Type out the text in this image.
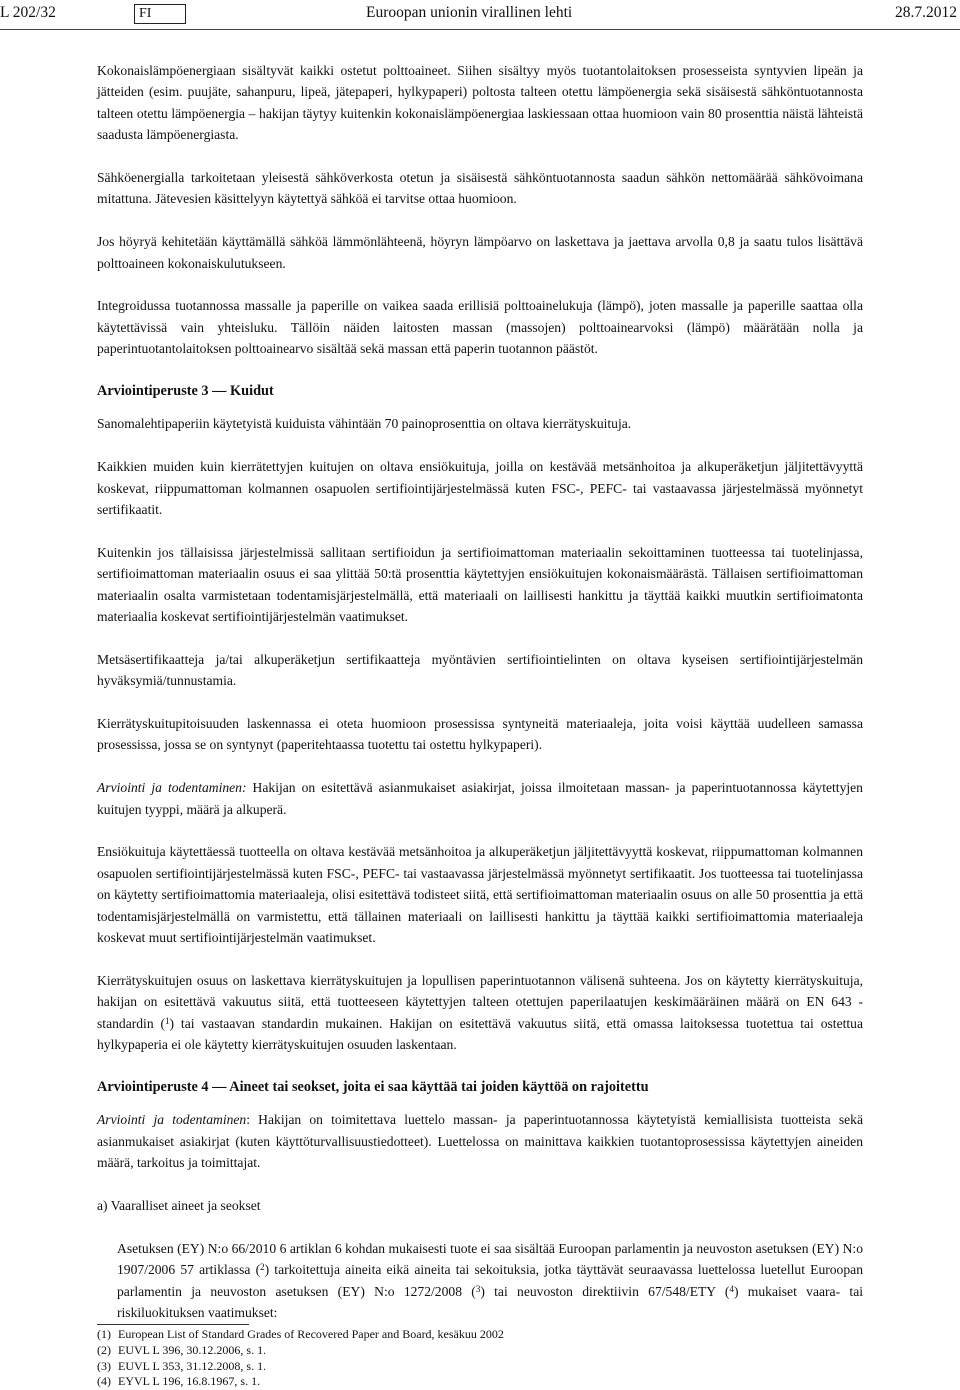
L 202/32	FI	Euroopan unionin virallinen lehti	28.7.2012

Kokonaislämpöenergiaan sisältyvät kaikki ostetut polttoaineet. Siihen sisältyy myös tuotantolaitoksen prosesseista syntyvien lipeän ja jätteiden (esim. puujäte, sahanpuru, lipeä, jätepaperi, hylkypaperi) poltosta talteen otettu lämpöenergia sekä sisäisestä sähköntuotannosta talteen otettu lämpöenergia – hakijan täytyy kuitenkin kokonaislämpöenergiaa laskiessaan ottaa huomioon vain 80 prosenttia näistä lähteistä saadusta lämpöenergiasta.

Sähköenergialla tarkoitetaan yleisestä sähköverkosta otetun ja sisäisestä sähköntuotannosta saadun sähkön nettomäärää sähkövoimana mitattuna. Jätevesien käsittelyyn käytettyä sähköä ei tarvitse ottaa huomioon.

Jos höyryä kehitetään käyttämällä sähköä lämmönlähteenä, höyryn lämpöarvo on laskettava ja jaettava arvolla 0,8 ja saatu tulos lisättävä polttoaineen kokonaiskulutukseen.

Integroidussa tuotannossa massalle ja paperille on vaikea saada erillisiä polttoainelukuja (lämpö), joten massalle ja paperille saattaa olla käytettävissä vain yhteisluku. Tällöin näiden laitosten massan (massojen) polttoainearvoksi (lämpö) määrätään nolla ja paperintuotantolaitoksen polttoainearvo sisältää sekä massan että paperin tuotannon päästöt.

Arviointiperuste 3 — Kuidut

Sanomalehtipaperiin käytetyistä kuiduista vähintään 70 painoprosenttia on oltava kierrätyskuituja.

Kaikkien muiden kuin kierrätettyjen kuitujen on oltava ensiökuituja, joilla on kestävää metsänhoitoa ja alkuperäketjun jäljitettävyyttä koskevat, riippumattoman kolmannen osapuolen sertifiointijärjestelmässä kuten FSC-, PEFC- tai vastaavassa järjestelmässä myönnetyt sertifikaatit.

Kuitenkin jos tällaisissa järjestelmissä sallitaan sertifioidun ja sertifioimattoman materiaalin sekoittaminen tuotteessa tai tuotelinjassa, sertifioimattoman materiaalin osuus ei saa ylittää 50:tä prosenttia käytettyjen ensiökuitujen kokonaismäärästä. Tällaisen sertifioimattoman materiaalin osalta varmistetaan todentamisjärjestelmällä, että materiaali on laillisesti hankittu ja täyttää kaikki muutkin sertifioimatonta materiaalia koskevat sertifiointijärjestelmän vaatimukset.

Metsäsertifikaatteja ja/tai alkuperäketjun sertifikaatteja myöntävien sertifiointielinten on oltava kyseisen sertifiointijärjestelmän hyväksymiä/tunnustamia.

Kierrätyskuitupitoisuuden laskennassa ei oteta huomioon prosessissa syntyneitä materiaaleja, joita voisi käyttää uudelleen samassa prosessissa, jossa se on syntynyt (paperitehtaassa tuotettu tai ostettu hylkypaperi).

Arviointi ja todentaminen: Hakijan on esitettävä asianmukaiset asiakirjat, joissa ilmoitetaan massan- ja paperintuotannossa käytettyjen kuitujen tyyppi, määrä ja alkuperä.

Ensiökuituja käytettäessä tuotteella on oltava kestävää metsänhoitoa ja alkuperäketjun jäljitettävyyttä koskevat, riippumattoman kolmannen osapuolen sertifiointijärjestelmässä kuten FSC-, PEFC- tai vastaavassa järjestelmässä myönnetyt sertifikaatit. Jos tuotteessa tai tuotelinjassa on käytetty sertifioimattomia materiaaleja, olisi esitettävä todisteet siitä, että sertifioimattoman materiaalin osuus on alle 50 prosenttia ja että todentamisjärjestelmällä on varmistettu, että tällainen materiaali on laillisesti hankittu ja täyttää kaikki sertifioimattomia materiaaleja koskevat muut sertifiointijärjestelmän vaatimukset.

Kierrätyskuitujen osuus on laskettava kierrätyskuitujen ja lopullisen paperintuotannon välisenä suhteena. Jos on käytetty kierrätyskuituja, hakijan on esitettävä vakuutus siitä, että tuotteeseen käytettyjen talteen otettujen paperilaatujen keskimääräinen määrä on EN 643 -standardin ($^1$) tai vastaavan standardin mukainen. Hakijan on esitettävä vakuutus siitä, että omassa laitoksessa tuotettua tai ostettua hylkypaperia ei ole käytetty kierrätyskuitujen osuuden laskentaan.

Arviointiperuste 4 — Aineet tai seokset, joita ei saa käyttää tai joiden käyttöä on rajoitettu

Arviointi ja todentaminen: Hakijan on toimitettava luettelo massan- ja paperintuotannossa käytetyistä kemiallisista tuotteista sekä asianmukaiset asiakirjat (kuten käyttöturvallisuustiedotteet). Luettelossa on mainittava kaikkien tuotantoprosessissa käytettyjen aineiden määrä, tarkoitus ja toimittajat.

a) Vaaralliset aineet ja seokset

Asetuksen (EY) N:o 66/2010 6 artiklan 6 kohdan mukaisesti tuote ei saa sisältää Euroopan parlamentin ja neuvoston asetuksen (EY) N:o 1907/2006 57 artiklassa ($^2$) tarkoitettuja aineita eikä aineita tai sekoituksia, jotka täyttävät seuraavassa luettelossa luetellut Euroopan parlamentin ja neuvoston asetuksen (EY) N:o 1272/2008 ($^3$) tai neuvoston direktiivin 67/548/ETY ($^4$) mukaiset vaara- tai riskiluokituksen vaatimukset:

(1) European List of Standard Grades of Recovered Paper and Board, kesäkuu 2002
(2) EUVL L 396, 30.12.2006, s. 1.
(3) EUVL L 353, 31.12.2008, s. 1.
(4) EYVL L 196, 16.8.1967, s. 1.
